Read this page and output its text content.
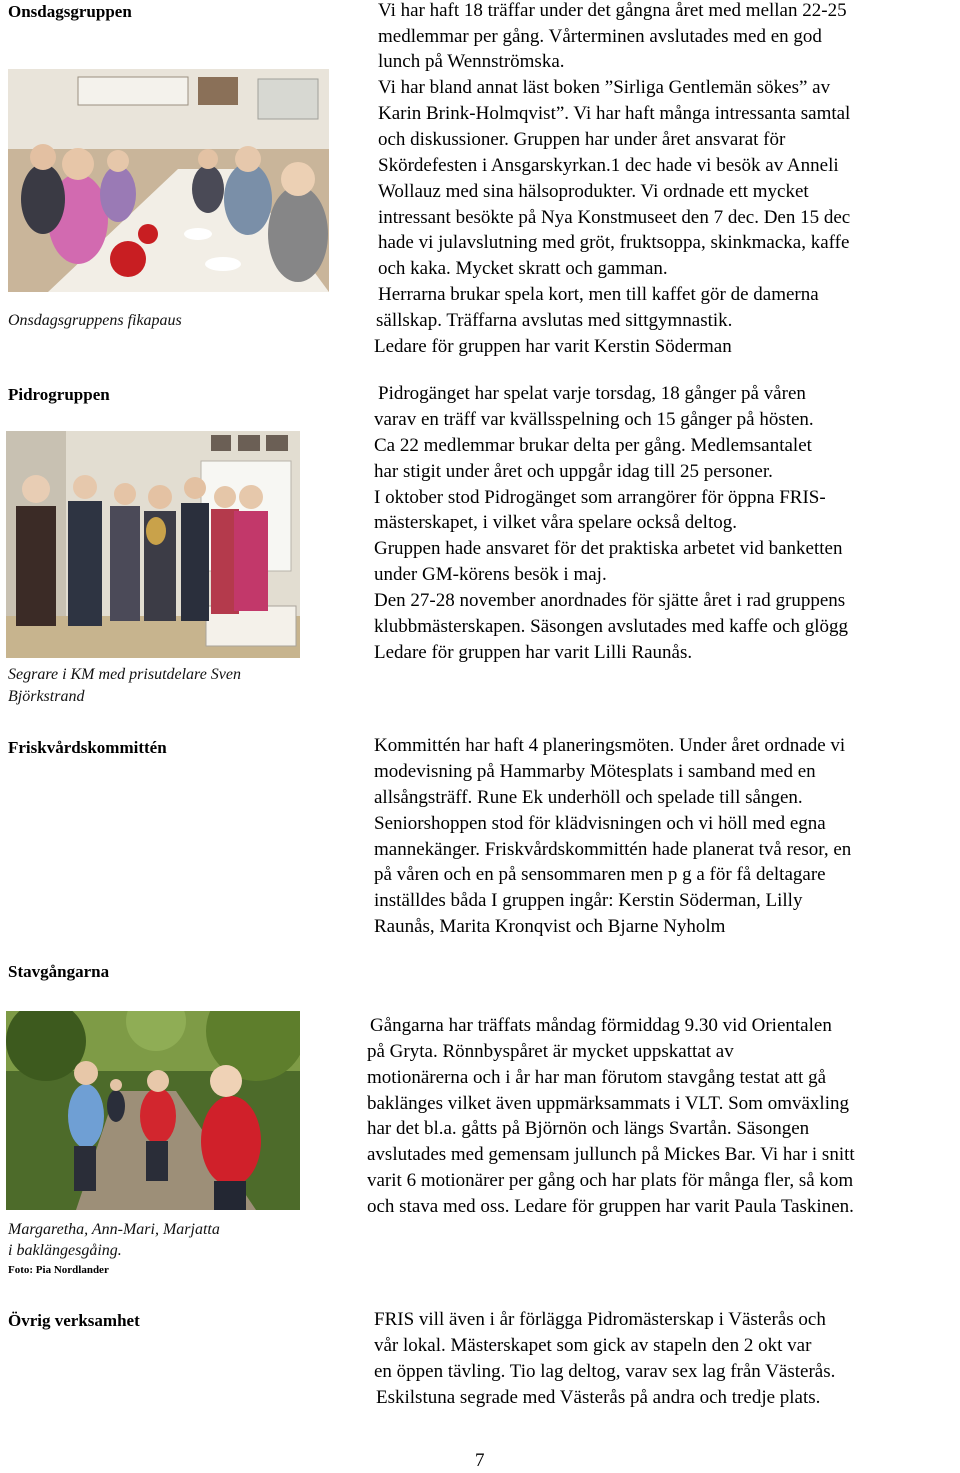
Onsdagsgruppen
Onsdagsgruppens fikapaus
Vi har haft 18 träffar under det gångna året med mellan 22-25
medlemmar per gång. Vårterminen avslutades med en god
lunch på Wennströmska.
Vi har bland annat läst boken ”Sirliga Gentlemän sökes” av
Karin Brink-Holmqvist”. Vi har haft många intressanta samtal
och diskussioner. Gruppen har under året ansvarat för
Skördefesten i Ansgarskyrkan.1 dec hade vi besök av Anneli
Wollauz med sina hälsoprodukter. Vi ordnade ett mycket
intressant besökte på Nya Konstmuseet den 7 dec. Den 15 dec
hade vi julavslutning med gröt, fruktsoppa, skinkmacka, kaffe
och kaka. Mycket skratt och gamman.
Herrarna brukar spela kort, men till kaffet gör de damerna
sällskap. Träffarna avslutas med sittgymnastik.
Ledare för gruppen har varit Kerstin Söderman
Pidrogruppen
Segrare i KM med prisutdelare Sven
Björkstrand
Pidrogänget har spelat varje torsdag, 18 gånger på våren
varav en träff var kvällsspelning och 15 gånger på hösten.
Ca 22 medlemmar brukar delta per gång. Medlemsantalet
har stigit under året och uppgår idag till 25 personer.
I oktober stod Pidrogänget som arrangörer för öppna FRIS-
mästerskapet, i vilket våra spelare också deltog.
Gruppen hade ansvaret för det praktiska arbetet vid banketten
under GM-körens besök i maj.
Den 27-28 november anordnades för sjätte året i rad gruppens
klubbmästerskapen. Säsongen avslutades med kaffe och glögg
Ledare för gruppen har varit Lilli Raunås.
Friskvårdskommittén	Kommittén har haft 4 planeringsmöten. Under året ordnade vi
modevisning på Hammarby Mötesplats i samband med en
allsångsträff. Rune Ek underhöll och spelade till sången.
Seniorshoppen stod för klädvisningen och vi höll med egna
mannekänger. Friskvårdskommittén hade planerat två resor, en
på våren och en på sensommaren men p g a för få deltagare
inställdes båda I gruppen ingår: Kerstin Söderman, Lilly
Raunås, Marita Kronqvist och Bjarne Nyholm
Stavgångarna
Margaretha, Ann-Mari, Marjatta
i baklängesgåing.
Foto: Pia Nordlander
Gångarna har träffats måndag förmiddag 9.30 vid Orientalen
på Gryta. Rönnbyspåret är mycket uppskattat av
motionärerna och i år har man förutom stavgång testat att gå
baklänges vilket även uppmärksammats i VLT. Som omväxling
har det bl.a. gåtts på Björnön och längs Svartån. Säsongen
avslutades med gemensam jullunch på Mickes Bar. Vi har i snitt
varit 6 motionärer per gång och har plats för många fler, så kom
och stava med oss. Ledare för gruppen har varit Paula Taskinen.
Övrig verksamhet	FRIS vill även i år förlägga Pidromästerskap i Västerås och
vår lokal. Mästerskapet som gick av stapeln den 2 okt var
en öppen tävling. Tio lag deltog, varav sex lag från Västerås.
Eskilstuna segrade med Västerås på andra och tredje plats.
7
